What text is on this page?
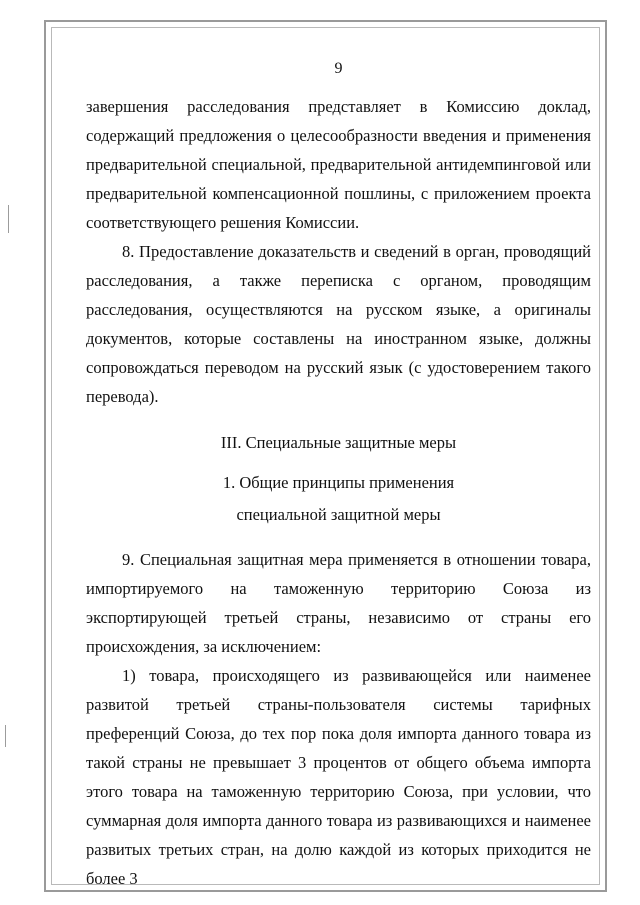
9

завершения расследования представляет в Комиссию доклад, содержащий предложения о целесообразности введения и применения предварительной специальной, предварительной антидемпинговой или предварительной компенсационной пошлины, с приложением проекта соответствующего решения Комиссии.

8. Предоставление доказательств и сведений в орган, проводящий расследования, а также переписка с органом, проводящим расследования, осуществляются на русском языке, а оригиналы документов, которые составлены на иностранном языке, должны сопровождаться переводом на русский язык (с удостоверением такого перевода).

III. Специальные защитные меры
1. Общие принципы применения
специальной защитной меры

9. Специальная защитная мера применяется в отношении товара, импортируемого на таможенную территорию Союза из экспортирующей третьей страны, независимо от страны его происхождения, за исключением:

1) товара, происходящего из развивающейся или наименее развитой третьей страны-пользователя системы тарифных преференций Союза, до тех пор пока доля импорта данного товара из такой страны не превышает 3 процентов от общего объема импорта этого товара на таможенную территорию Союза, при условии, что суммарная доля импорта данного товара из развивающихся и наименее развитых третьих стран, на долю каждой из которых приходится не более 3
